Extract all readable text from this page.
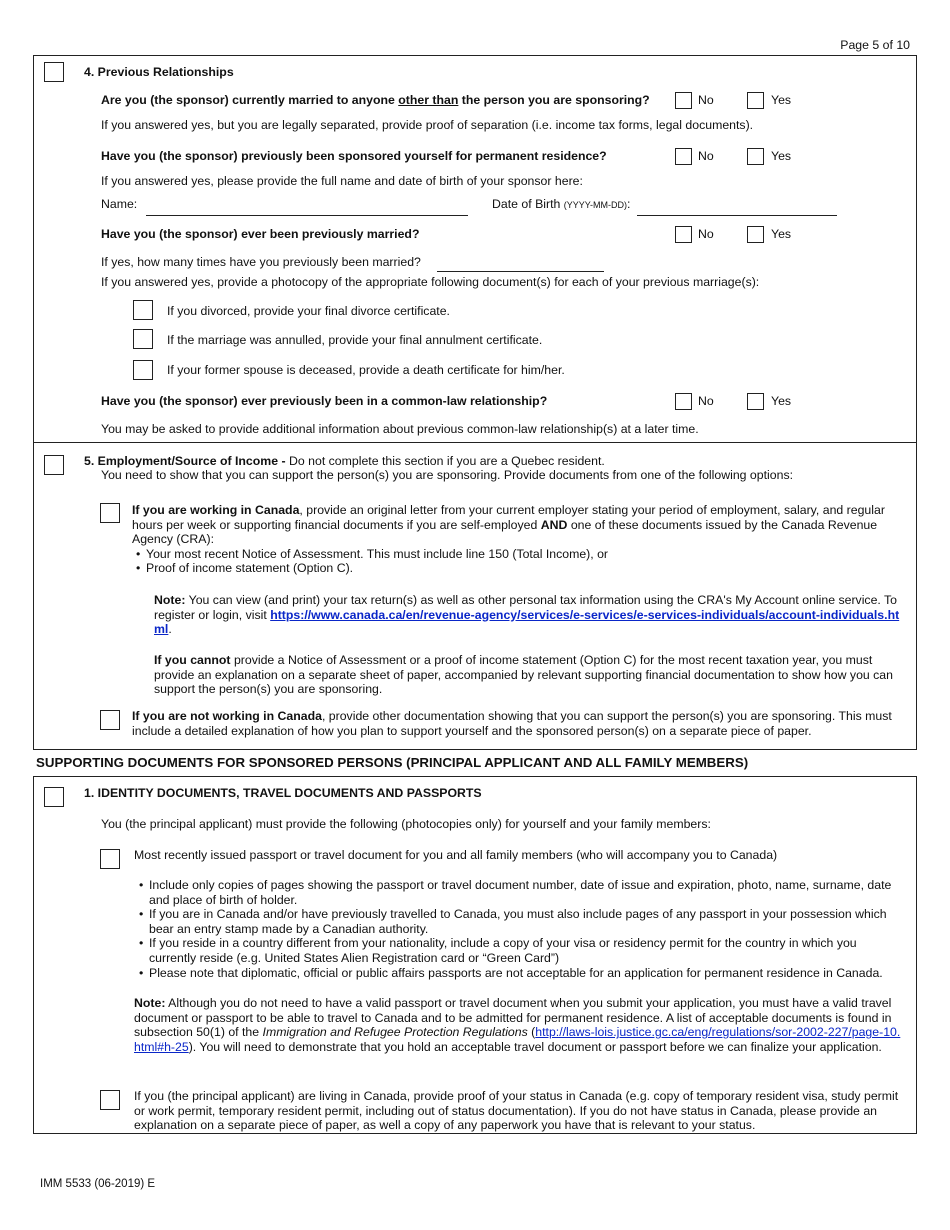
Page 5 of 10
4. Previous Relationships
Are you (the sponsor) currently married to anyone other than the person you are sponsoring?	No	Yes
If you answered yes, but you are legally separated, provide proof of separation (i.e. income tax forms, legal documents).
Have you (the sponsor) previously been sponsored yourself for permanent residence?	No	Yes
If you answered yes, please provide the full name and date of birth of your sponsor here:
Name:	Date of Birth (YYYY-MM-DD):
Have you (the sponsor) ever been previously married?	No	Yes
If yes, how many times have you previously been married?
If you answered yes, provide a photocopy of the appropriate following document(s) for each of your previous marriage(s):
If you divorced, provide your final divorce certificate.
If the marriage was annulled, provide your final annulment certificate.
If your former spouse is deceased, provide a death certificate for him/her.
Have you (the sponsor) ever previously been in a common-law relationship?	No	Yes
You may be asked to provide additional information about previous common-law relationship(s) at a later time.
5. Employment/Source of Income - Do not complete this section if you are a Quebec resident.
You need to show that you can support the person(s) you are sponsoring. Provide documents from one of the following options:
If you are working in Canada, provide an original letter from your current employer stating your period of employment, salary, and regular hours per week or supporting financial documents if you are self-employed AND one of these documents issued by the Canada Revenue Agency (CRA):
• Your most recent Notice of Assessment. This must include line 150 (Total Income), or
• Proof of income statement (Option C).
Note: You can view (and print) your tax return(s) as well as other personal tax information using the CRA's My Account online service. To register or login, visit https://www.canada.ca/en/revenue-agency/services/e-services/e-services-individuals/account-individuals.html.
If you cannot provide a Notice of Assessment or a proof of income statement (Option C) for the most recent taxation year, you must provide an explanation on a separate sheet of paper, accompanied by relevant supporting financial documentation to show how you can support the person(s) you are sponsoring.
If you are not working in Canada, provide other documentation showing that you can support the person(s) you are sponsoring. This must include a detailed explanation of how you plan to support yourself and the sponsored person(s) on a separate piece of paper.
SUPPORTING DOCUMENTS FOR SPONSORED PERSONS (PRINCIPAL APPLICANT AND ALL FAMILY MEMBERS)
1. IDENTITY DOCUMENTS, TRAVEL DOCUMENTS AND PASSPORTS
You (the principal applicant) must provide the following (photocopies only) for yourself and your family members:
Most recently issued passport or travel document for you and all family members (who will accompany you to Canada)
• Include only copies of pages showing the passport or travel document number, date of issue and expiration, photo, name, surname, date and place of birth of holder.
• If you are in Canada and/or have previously travelled to Canada, you must also include pages of any passport in your possession which bear an entry stamp made by a Canadian authority.
• If you reside in a country different from your nationality, include a copy of your visa or residency permit for the country in which you currently reside (e.g. United States Alien Registration card or “Green Card”)
• Please note that diplomatic, official or public affairs passports are not acceptable for an application for permanent residence in Canada.
Note: Although you do not need to have a valid passport or travel document when you submit your application, you must have a valid travel document or passport to be able to travel to Canada and to be admitted for permanent residence. A list of acceptable documents is found in subsection 50(1) of the Immigration and Refugee Protection Regulations (http://laws-lois.justice.gc.ca/eng/regulations/sor-2002-227/page-10.html#h-25). You will need to demonstrate that you hold an acceptable travel document or passport before we can finalize your application.
If you (the principal applicant) are living in Canada, provide proof of your status in Canada (e.g. copy of temporary resident visa, study permit or work permit, temporary resident permit, including out of status documentation). If you do not have status in Canada, please provide an explanation on a separate piece of paper, as well a copy of any paperwork you have that is relevant to your status.
IMM 5533 (06-2019) E
